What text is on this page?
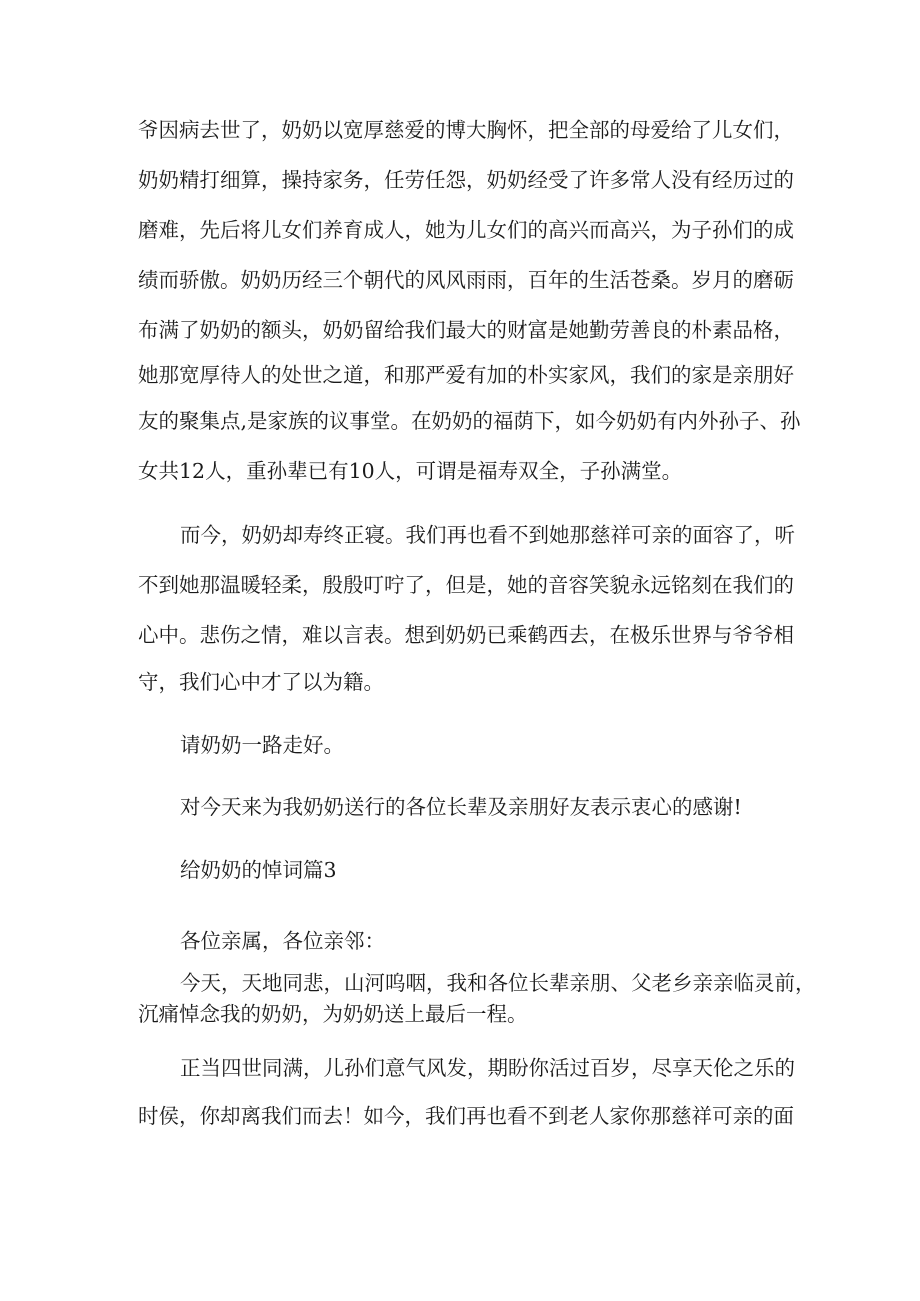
爷因病去世了，奶奶以宽厚慈爱的博大胸怀，把全部的母爱给了儿女们，
奶奶精打细算，操持家务，任劳任怨，奶奶经受了许多常人没有经历过的
磨难，先后将儿女们养育成人，她为儿女们的高兴而高兴，为子孙们的成
绩而骄傲。奶奶历经三个朝代的风风雨雨，百年的生活苍桑。岁月的磨砺
布满了奶奶的额头，奶奶留给我们最大的财富是她勤劳善良的朴素品格，
她那宽厚待人的处世之道，和那严爱有加的朴实家风，我们的家是亲朋好
友的聚集点,是家族的议事堂。在奶奶的福荫下，如今奶奶有内外孙子、孙
女共12人，重孙辈已有10人，可谓是福寿双全，子孙满堂。
而今，奶奶却寿终正寝。我们再也看不到她那慈祥可亲的面容了，听
不到她那温暖轻柔，殷殷叮咛了，但是，她的音容笑貌永远铭刻在我们的
心中。悲伤之情，难以言表。想到奶奶已乘鹤西去，在极乐世界与爷爷相
守，我们心中才了以为籍。
请奶奶一路走好。
对今天来为我奶奶送行的各位长辈及亲朋好友表示衷心的感谢!
给奶奶的悼词篇3
各位亲属，各位亲邻：
今天，天地同悲，山河呜咽，我和各位长辈亲朋、父老乡亲亲临灵前，
沉痛悼念我的奶奶，为奶奶送上最后一程。
正当四世同满，儿孙们意气风发，期盼你活过百岁，尽享天伦之乐的
时侯，你却离我们而去！如今，我们再也看不到老人家你那慈祥可亲的面
